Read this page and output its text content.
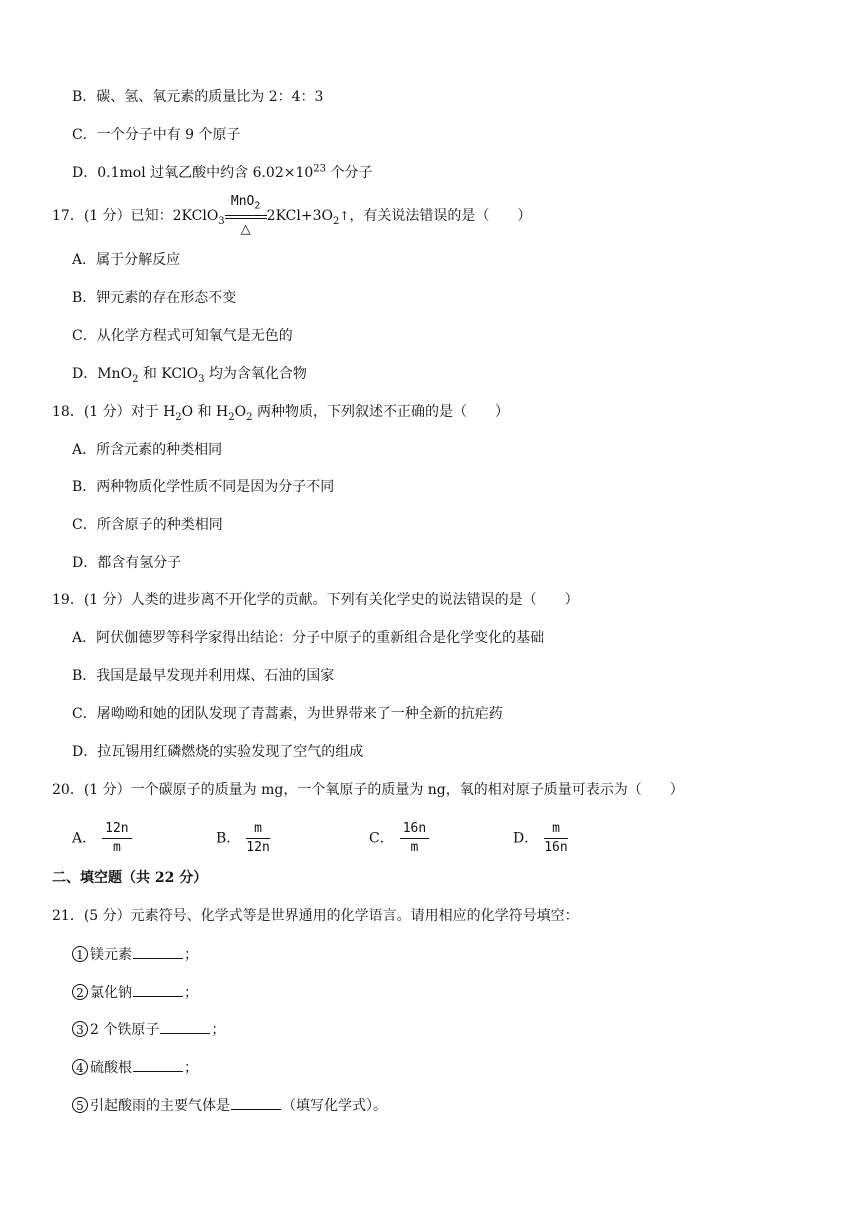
B．碳、氢、氧元素的质量比为 2：4：3
C．一个分子中有 9 个原子
D．0.1mol 过氧乙酸中约含 $6.02\times 10^{23}$ 个分子
17．(1 分）已知：2KClO$_3$
MnO$_2$
△
$2KCl+3O_2↑$，有关说法错误的是（　　）
A．属于分解反应
B．钾元素的存在形态不变
C．从化学方程式可知氧气是无色的
D．MnO$_2$ 和 KClO$_3$ 均为含氧化合物
18．(1 分）对于 $H_2O$ 和 $H_2O_2$ 两种物质，下列叙述不正确的是（　　）
A．所含元素的种类相同
B．两种物质化学性质不同是因为分子不同
C．所含原子的种类相同
D．都含有氢分子
19．(1 分）人类的进步离不开化学的贡献。下列有关化学史的说法错误的是（　　）
A．阿伏伽德罗等科学家得出结论：分子中原子的重新组合是化学变化的基础
B．我国是最早发现并利用煤、石油的国家
C．屠呦呦和她的团队发现了青蒿素，为世界带来了一种全新的抗疟药
D．拉瓦锡用红磷燃烧的实验发现了空气的组成
20．(1 分）一个碳原子的质量为 mg，一个氧原子的质量为 ng，氧的相对原子质量可表示为（　　）
A． $\frac{12n}{m}$	B． $\frac{m}{12n}$	C． $\frac{16n}{m}$	D． $\frac{m}{16n}$
二、填空题（共 22 分）
21．(5 分）元素符号、化学式等是世界通用的化学语言。请用相应的化学符号填空：
1 镁元素	；
2 氯化钠	；
3 2 个铁原子	；
4 硫酸根	；
5 引起酸雨的主要气体是	（填写化学式）。
